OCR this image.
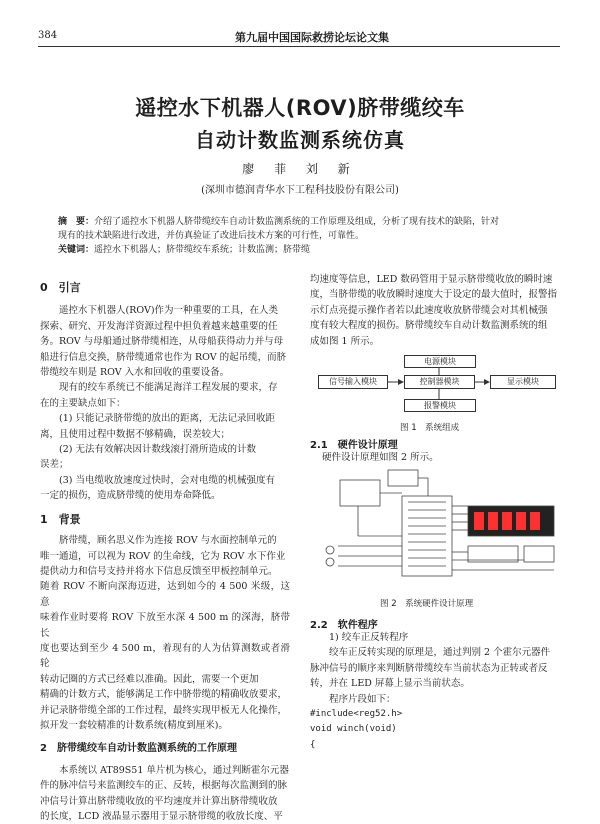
384	第九届中国国际救捞论坛论文集
遥控水下机器人(ROV)脐带缆绞车
自动计数监测系统仿真
廖 菲 刘 新
(深圳市德润青华水下工程科技股份有限公司)

摘　要：介绍了遥控水下机器人脐带缆绞车自动计数监测系统的工作原理及组成，分析了现有技术的缺陷，针对

现有的技术缺陷进行改进，并仿真验证了改进后技术方案的可行性，可靠性。

关键词：遥控水下机器人；脐带缆绞车系统；计数监测；脐带缆

0　引言
遥控水下机器人(ROV)作为一种重要的工具，在人类
探索、研究、开发海洋资源过程中担负着越来越重要的任
务。ROV 与母船通过脐带缆相连，从母船获得动力并与母
船进行信息交换，脐带缆通常也作为 ROV 的起吊缆，而脐
带缆绞车则是 ROV 入水和回收的重要设备。
现有的绞车系统已不能满足海洋工程发展的要求，存
在的主要缺点如下：
(1) 只能记录脐带缆的放出的距离，无法记录回收距
离，且使用过程中数据不够精确，误差较大；
(2) 无法有效解决因计数线滚打滑所造成的计数
误差；
(3) 当电缆收放速度过快时，会对电缆的机械强度有
一定的损伤，造成脐带缆的使用寿命降低。
1　背景
脐带缆，顾名思义作为连接 ROV 与水面控制单元的
唯一通道，可以视为 ROV 的生命线，它为 ROV 水下作业
提供动力和信号支持并将水下信息反馈至甲板控制单元。
随着 ROV 不断向深海迈进，达到如今的 4 500 米级，这意
味着作业时要将 ROV 下放至水深 4 500 m 的深海，脐带长
度也要达到至少 4 500 m，着现有的人为估算测数或者滑轮
转动记圈的方式已经难以准确。因此，需要一个更加
精确的计数方式，能够满足工作中脐带缆的精确收放要求，
并记录脐带缆全部的工作过程，最终实现甲板无人化操作，
拟开发一套较精准的计数系统(精度到厘米)。
2　脐带缆绞车自动计数监测系统的工作原理
本系统以 AT89S51 单片机为核心，通过判断霍尔元器
件的脉冲信号来监测绞车的正、反转，根据每次监测到的脉
冲信号计算出脐带缆收放的平均速度并计算出脐带缆收放
的长度，LCD 液晶显示器用于显示脐带缆的收放长度、平
均速度等信息，LED 数码管用于显示脐带缆收放的瞬时速
度，当脐带缆的收放瞬时速度大于设定的最大值时，报警指
示灯点亮提示操作者若以此速度收放脐带缆会对其机械强
度有较大程度的损伤。脐带缆绞车自动计数监测系统的组
成如图 1 所示。
电源模块
信号输入模块	控制器模块	显示模块
报警模块
图 1　系统组成
2.1　硬件设计原理
硬件设计原理如图 2 所示。
图 2　系统硬件设计原理
2.2　软件程序
1) 绞车正反转程序
绞车正反转实现的原理是，通过判别 2 个霍尔元器件
脉冲信号的顺序来判断脐带缆绞车当前状态为正转或者反
转，并在 LED 屏幕上显示当前状态。
程序片段如下：
#include<reg52.h>
void winch(void)
{
